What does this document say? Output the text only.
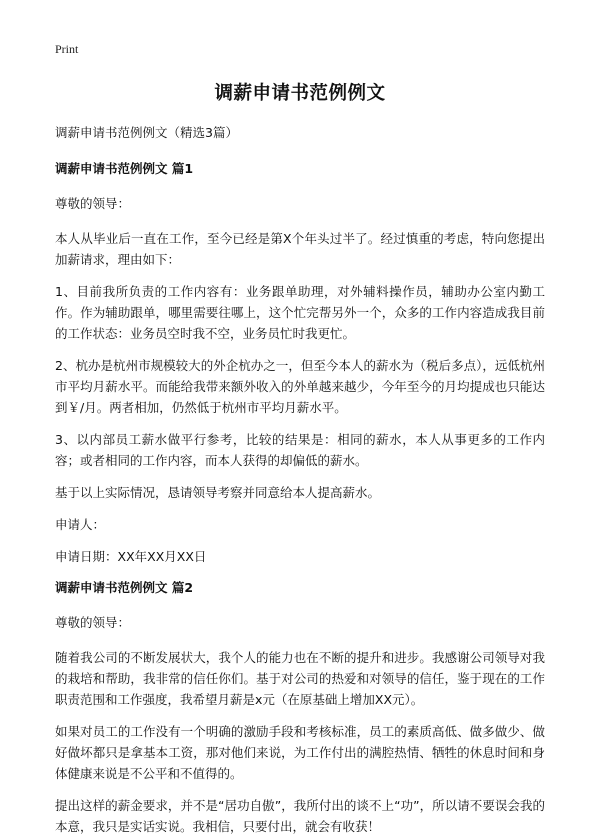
Print
调薪申请书范例例文
调薪申请书范例例文（精选3篇）
调薪申请书范例例文 篇1

尊敬的领导：

本人从毕业后一直在工作，至今已经是第X个年头过半了。经过慎重的考虑，特向您提出加薪请求，理由如下：

1、目前我所负责的工作内容有：业务跟单助理，对外辅料操作员，辅助办公室内勤工作。作为辅助跟单，哪里需要往哪上，这个忙完帮另外一个，众多的工作内容造成我目前的工作状态：业务员空时我不空，业务员忙时我更忙。

2、杭办是杭州市规模较大的外企杭办之一，但至今本人的薪水为（税后多点），远低杭州市平均月薪水平。而能给我带来额外收入的外单越来越少，今年至今的月均提成也只能达到￥/月。两者相加，仍然低于杭州市平均月薪水平。

3、以内部员工薪水做平行参考，比较的结果是：相同的薪水，本人从事更多的工作内容；或者相同的工作内容，而本人获得的却偏低的薪水。

基于以上实际情况，恳请领导考察并同意给本人提高薪水。

申请人：

申请日期：XX年XX月XX日

调薪申请书范例例文 篇2

尊敬的领导：

随着我公司的不断发展状大，我个人的能力也在不断的提升和进步。我感谢公司领导对我的栽培和帮助，我非常的信任你们。基于对公司的热爱和对领导的信任，鉴于现在的工作职责范围和工作强度，我希望月薪是x元（在原基础上增加XX元）。

如果对员工的工作没有一个明确的激励手段和考核标准，员工的素质高低、做多做少、做好做坏都只是拿基本工资，那对他们来说，为工作付出的满腔热情、牺牲的休息时间和身体健康来说是不公平和不值得的。

提出这样的薪金要求，并不是“居功自傲”，我所付出的谈不上“功”，所以请不要误会我的本意，我只是实话实说。我相信，只要付出，就会有收获！
